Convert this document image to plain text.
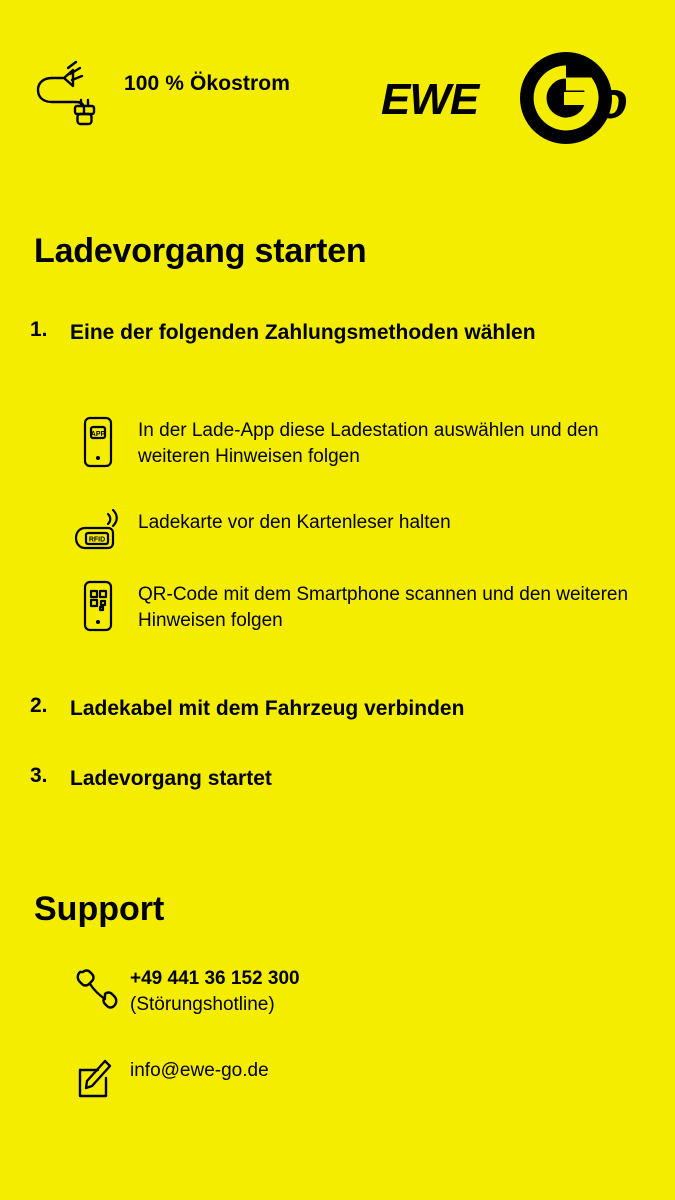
100 % Ökostrom EWE o
Ladevorgang starten
1.	Eine der folgenden Zahlungsmethoden wählen
APP In der Lade-App diese Ladestation auswählen und den weiteren Hinweisen folgen
RFID
Ladekarte vor den Kartenleser halten
QR-Code mit dem Smartphone scannen und den weiteren Hinweisen folgen
2.	Ladekabel mit dem Fahrzeug verbinden
3.	Ladevorgang startet
Support
+49 441 36 152 300
(Störungshotline)
info@ewe-go.de
